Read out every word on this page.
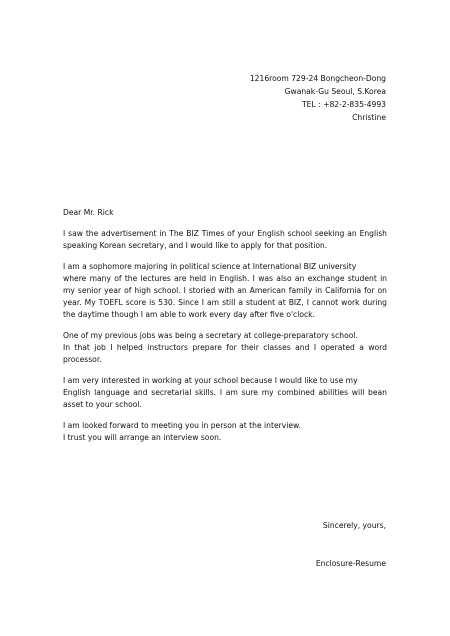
1216room 729-24 Bongcheon-Dong
Gwanak-Gu Seoul, S.Korea
TEL : +82-2-835-4993
Christine
Dear Mr. Rick
I saw the advertisement in The BIZ Times of your English school seeking an English
speaking Korean secretary, and I would like to apply for that position.
I am a sophomore majoring in political science at International BIZ university
where many of the lectures are held in English. I was also an exchange student in
my senior year of high school. I storied with an American family in California for on
year. My TOEFL score is 530. Since I am still a student at BIZ, I cannot work during
the daytime though I am able to work every day after five o'clock.
One of my previous jobs was being a secretary at college-preparatory school.
In that job I helped instructors prepare for their classes and I operated a word
processor.
I am very interested in working at your school because I would like to use my
English language and secretarial skills. I am sure my combined abilities will bean
asset to your school.
I am looked forward to meeting you in person at the interview.
I trust you will arrange an interview soon.
Sincerely, yours,
Enclosure-Resume
